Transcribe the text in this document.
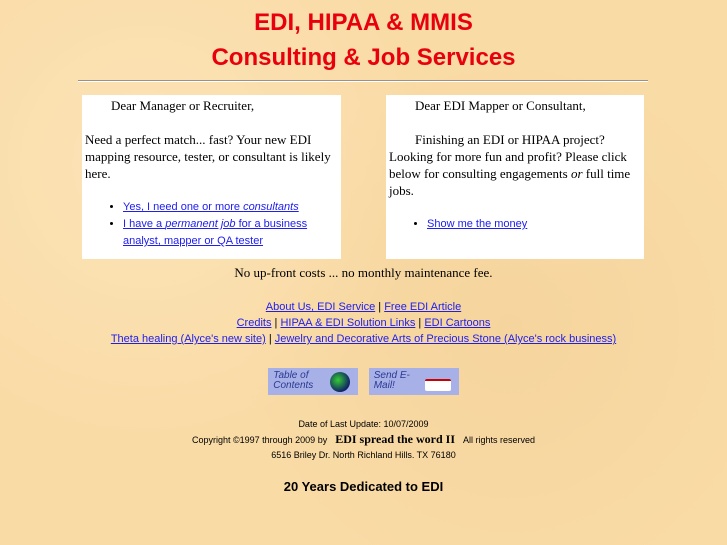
EDI, HIPAA & MMIS
Consulting & Job Services

Dear Manager or Recruiter,

Need a perfect match... fast? Your new EDI mapping resource, tester, or consultant is likely here.

• Yes, I need one or more consultants
• I have a permanent job for a business analyst, mapper or QA tester

Dear EDI Mapper or Consultant,

Finishing an EDI or HIPAA project? Looking for more fun and profit? Please click below for consulting engagements or full time jobs.

• Show me the money
No up-front costs ... no monthly maintenance fee.
About Us, EDI Service | Free EDI Article
Credits | HIPAA & EDI Solution Links | EDI Cartoons
Theta healing (Alyce's new site) | Jewelry and Decorative Arts of Precious Stone (Alyce's rock business)
Table of Contents
Send E-Mail!
Date of Last Update: 10/07/2009
Copyright ©1997 through 2009 by EDI spread the word II All rights reserved
6516 Briley Dr. North Richland Hills. TX 76180
20 Years Dedicated to EDI
